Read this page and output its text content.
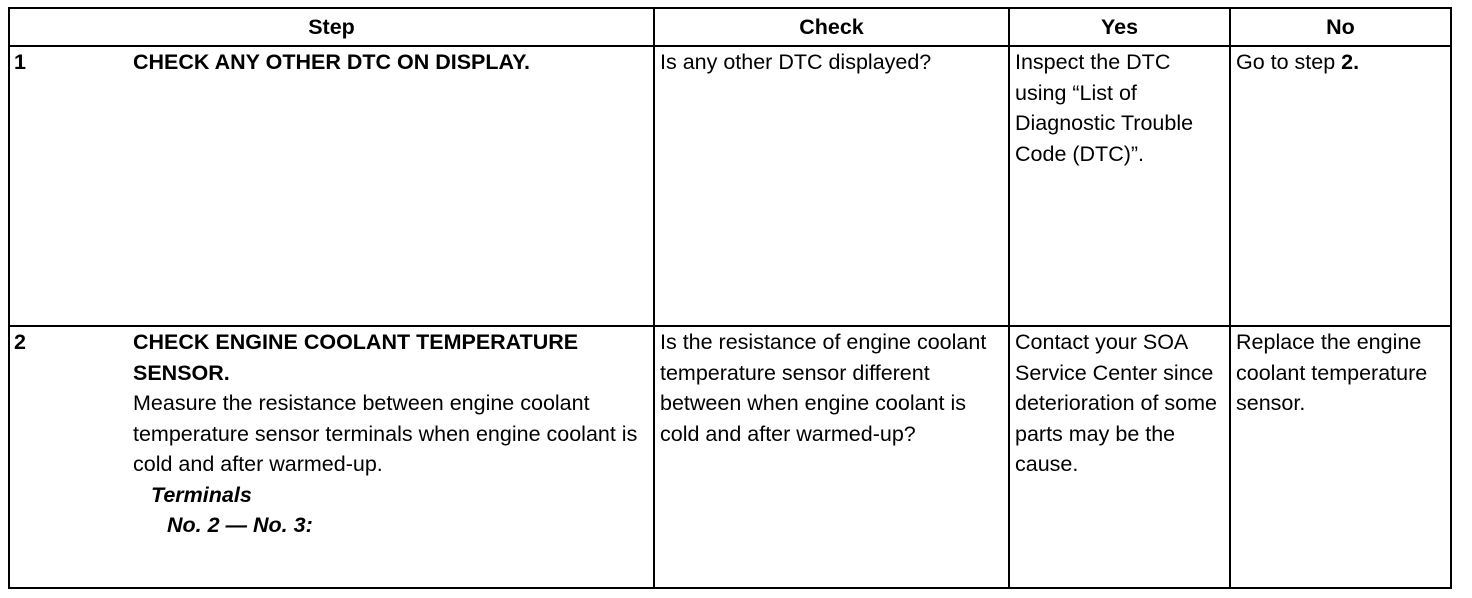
Step	Check	Yes	No

1 CHECK ANY OTHER DTC ON DISPLAY.	Is any other DTC displayed?	Inspect the DTC using “List of Diagnostic Trouble Code (DTC)”.	Go to step 2.

2 CHECK ENGINE COOLANT TEMPERATURE SENSOR.
Measure the resistance between engine coolant temperature sensor terminals when engine coolant is cold and after warmed-up.
Terminals
No. 2 — No. 3:	Is the resistance of engine coolant temperature sensor different between when engine coolant is cold and after warmed-up?	Contact your SOA Service Center since deterioration of some parts may be the cause.	Replace the engine coolant temperature sensor.
